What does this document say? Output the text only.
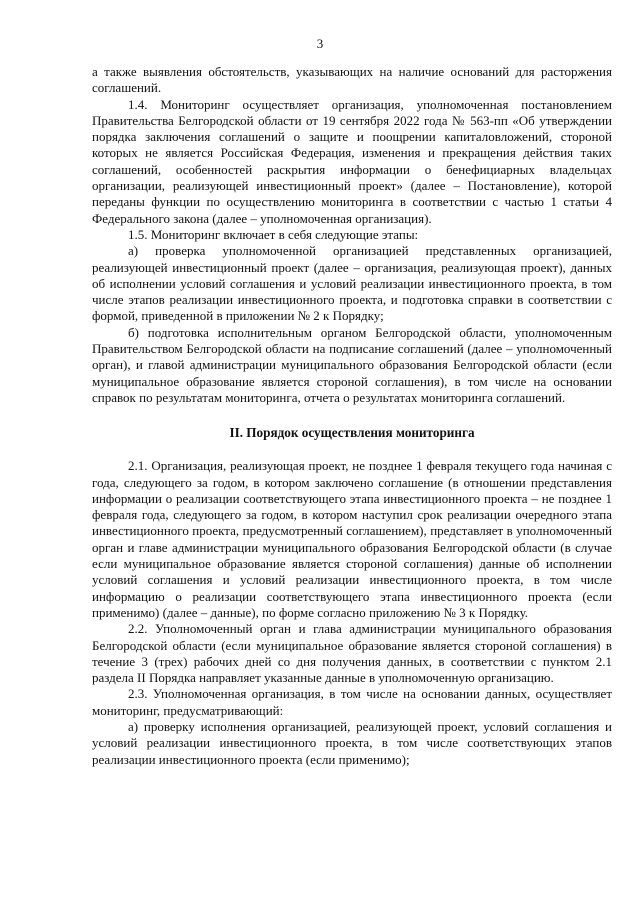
3

а также выявления обстоятельств, указывающих на наличие оснований для расторжения соглашений.

1.4. Мониторинг осуществляет организация, уполномоченная постановлением Правительства Белгородской области от 19 сентября 2022 года № 563-пп «Об утверждении порядка заключения соглашений о защите и поощрении капиталовложений, стороной которых не является Российская Федерация, изменения и прекращения действия таких соглашений, особенностей раскрытия информации о бенефициарных владельцах организации, реализующей инвестиционный проект» (далее – Постановление), которой переданы функции по осуществлению мониторинга в соответствии с частью 1 статьи 4 Федерального закона (далее – уполномоченная организация).

1.5. Мониторинг включает в себя следующие этапы:

а) проверка уполномоченной организацией представленных организацией, реализующей инвестиционный проект (далее – организация, реализующая проект), данных об исполнении условий соглашения и условий реализации инвестиционного проекта, в том числе этапов реализации инвестиционного проекта, и подготовка справки в соответствии с формой, приведенной в приложении № 2 к Порядку;

б) подготовка исполнительным органом Белгородской области, уполномоченным Правительством Белгородской области на подписание соглашений (далее – уполномоченный орган), и главой администрации муниципального образования Белгородской области (если муниципальное образование является стороной соглашения), в том числе на основании справок по результатам мониторинга, отчета о результатах мониторинга соглашений.

II. Порядок осуществления мониторинга

2.1. Организация, реализующая проект, не позднее 1 февраля текущего года начиная с года, следующего за годом, в котором заключено соглашение (в отношении представления информации о реализации соответствующего этапа инвестиционного проекта – не позднее 1 февраля года, следующего за годом, в котором наступил срок реализации очередного этапа инвестиционного проекта, предусмотренный соглашением), представляет в уполномоченный орган и главе администрации муниципального образования Белгородской области (в случае если муниципальное образование является стороной соглашения) данные об исполнении условий соглашения и условий реализации инвестиционного проекта, в том числе информацию о реализации соответствующего этапа инвестиционного проекта (если применимо) (далее – данные), по форме согласно приложению № 3 к Порядку.

2.2. Уполномоченный орган и глава администрации муниципального образования Белгородской области (если муниципальное образование является стороной соглашения) в течение 3 (трех) рабочих дней со дня получения данных, в соответствии с пунктом 2.1 раздела II Порядка направляет указанные данные в уполномоченную организацию.

2.3. Уполномоченная организация, в том числе на основании данных, осуществляет мониторинг, предусматривающий:

а) проверку исполнения организацией, реализующей проект, условий соглашения и условий реализации инвестиционного проекта, в том числе соответствующих этапов реализации инвестиционного проекта (если применимо);
